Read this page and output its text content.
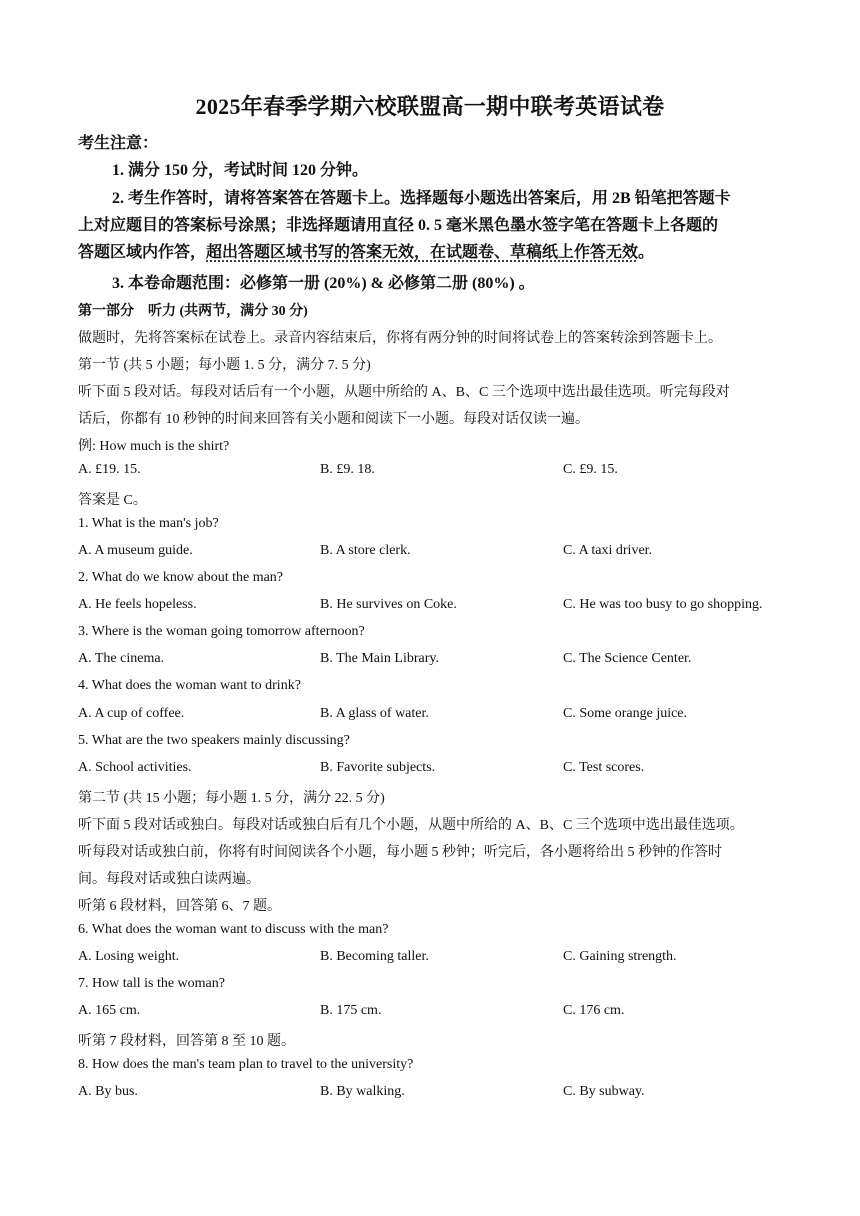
2025年春季学期六校联盟高一期中联考英语试卷
考生注意：
1. 满分 150 分，考试时间 120 分钟。
2. 考生作答时，请将答案答在答题卡上。选择题每小题选出答案后，用 2B 铅笔把答题卡
上对应题目的答案标号涂黑；非选择题请用直径 0. 5 毫米黑色墨水签字笔在答题卡上各题的
答题区域内作答，超出答题区域书写的答案无效，在试题卷、草稿纸上作答无效。
3. 本卷命题范围：必修第一册 (20%) & 必修第二册 (80%) 。
第一部分　听力 (共两节，满分 30 分)
做题时，先将答案标在试卷上。录音内容结束后，你将有两分钟的时间将试卷上的答案转涂到答题卡上。
第一节 (共 5 小题；每小题 1. 5 分，满分 7. 5 分)
听下面 5 段对话。每段对话后有一个小题，从题中所给的 A、B、C 三个选项中选出最佳选项。听完每段对
话后，你都有 10 秒钟的时间来回答有关小题和阅读下一小题。每段对话仅读一遍。
例: How much is the shirt?
A. £19. 15.	B. £9. 18.	C. £9. 15.
答案是 C。
1. What is the man's job?
A. A museum guide.	B. A store clerk.	C. A taxi driver.
2. What do we know about the man?
A. He feels hopeless.	B. He survives on Coke.	C. He was too busy to go shopping.
3. Where is the woman going tomorrow afternoon?
A. The cinema.	B. The Main Library.	C. The Science Center.
4. What does the woman want to drink?
A. A cup of coffee.	B. A glass of water.	C. Some orange juice.
5. What are the two speakers mainly discussing?
A. School activities.	B. Favorite subjects.	C. Test scores.
第二节 (共 15 小题；每小题 1. 5 分，满分 22. 5 分)
听下面 5 段对话或独白。每段对话或独白后有几个小题，从题中所给的 A、B、C 三个选项中选出最佳选项。
听每段对话或独白前，你将有时间阅读各个小题，每小题 5 秒钟；听完后，各小题将给出 5 秒钟的作答时
间。每段对话或独白读两遍。
听第 6 段材料，回答第 6、7 题。
6. What does the woman want to discuss with the man?
A. Losing weight.	B. Becoming taller.	C. Gaining strength.
7. How tall is the woman?
A. 165 cm.	B. 175 cm.	C. 176 cm.
听第 7 段材料，回答第 8 至 10 题。
8. How does the man's team plan to travel to the university?
A. By bus.	B. By walking.	C. By subway.
